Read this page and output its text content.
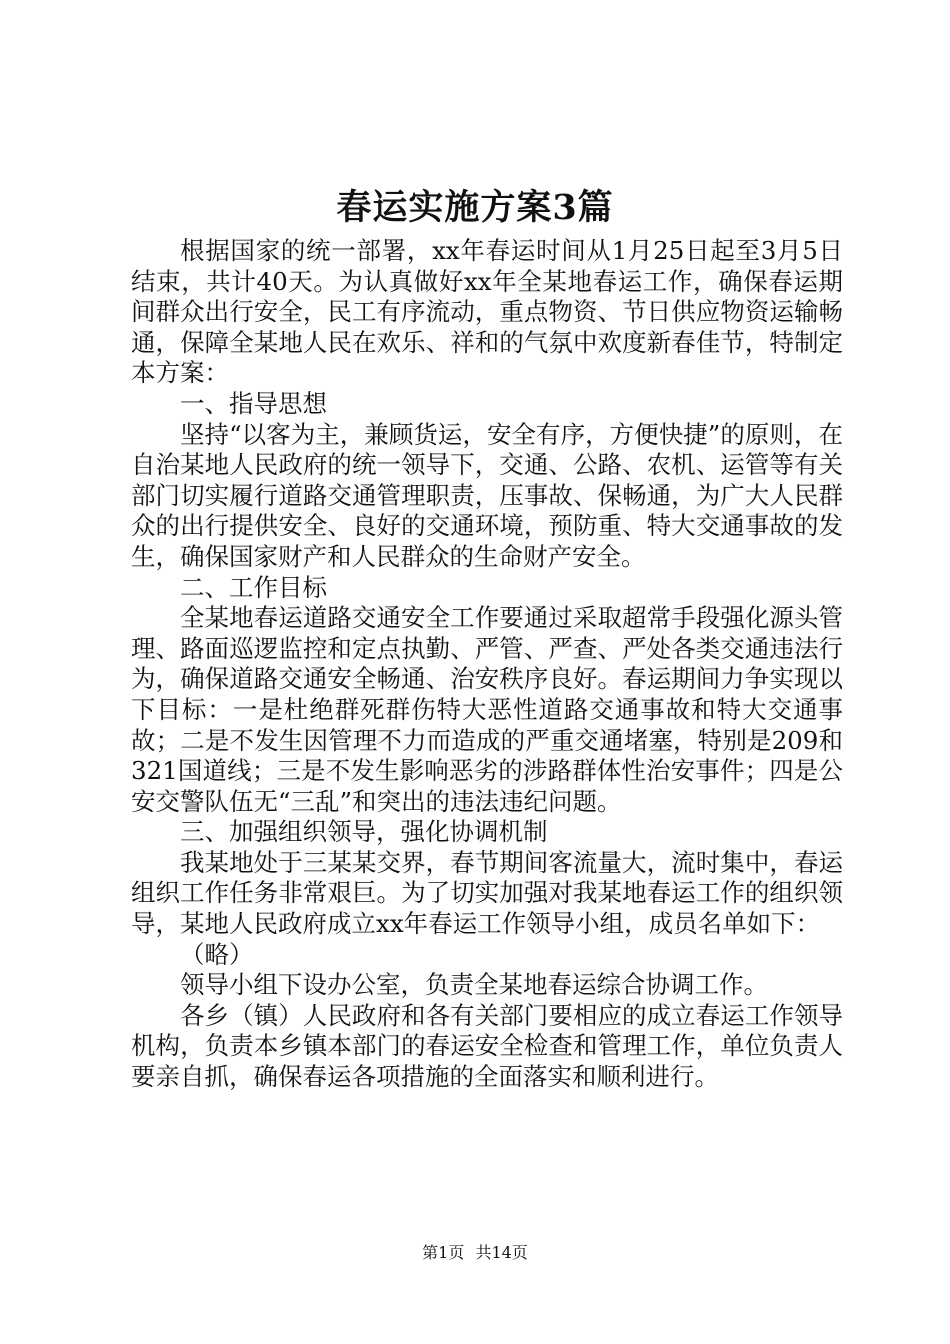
春运实施方案3篇

根据国家的统一部署，xx年春运时间从1月25日起至3月5日结束，共计40天。为认真做好xx年全某地春运工作，确保春运期间群众出行安全，民工有序流动，重点物资、节日供应物资运输畅通，保障全某地人民在欢乐、祥和的气氛中欢度新春佳节，特制定本方案：

一、指导思想

坚持“以客为主，兼顾货运，安全有序，方便快捷”的原则，在自治某地人民政府的统一领导下，交通、公路、农机、运管等有关部门切实履行道路交通管理职责，压事故、保畅通，为广大人民群众的出行提供安全、良好的交通环境，预防重、特大交通事故的发生，确保国家财产和人民群众的生命财产安全。

二、工作目标

全某地春运道路交通安全工作要通过采取超常手段强化源头管理、路面巡逻监控和定点执勤、严管、严查、严处各类交通违法行为，确保道路交通安全畅通、治安秩序良好。春运期间力争实现以下目标：一是杜绝群死群伤特大恶性道路交通事故和特大交通事故；二是不发生因管理不力而造成的严重交通堵塞，特别是209和321国道线；三是不发生影响恶劣的涉路群体性治安事件；四是公安交警队伍无“三乱”和突出的违法违纪问题。

三、加强组织领导，强化协调机制

我某地处于三某某交界，春节期间客流量大，流时集中，春运组织工作任务非常艰巨。为了切实加强对我某地春运工作的组织领导，某地人民政府成立xx年春运工作领导小组，成员名单如下：

（略）

领导小组下设办公室，负责全某地春运综合协调工作。

各乡（镇）人民政府和各有关部门要相应的成立春运工作领导机构，负责本乡镇本部门的春运安全检查和管理工作，单位负责人要亲自抓，确保春运各项措施的全面落实和顺利进行。

第1页 共14页
